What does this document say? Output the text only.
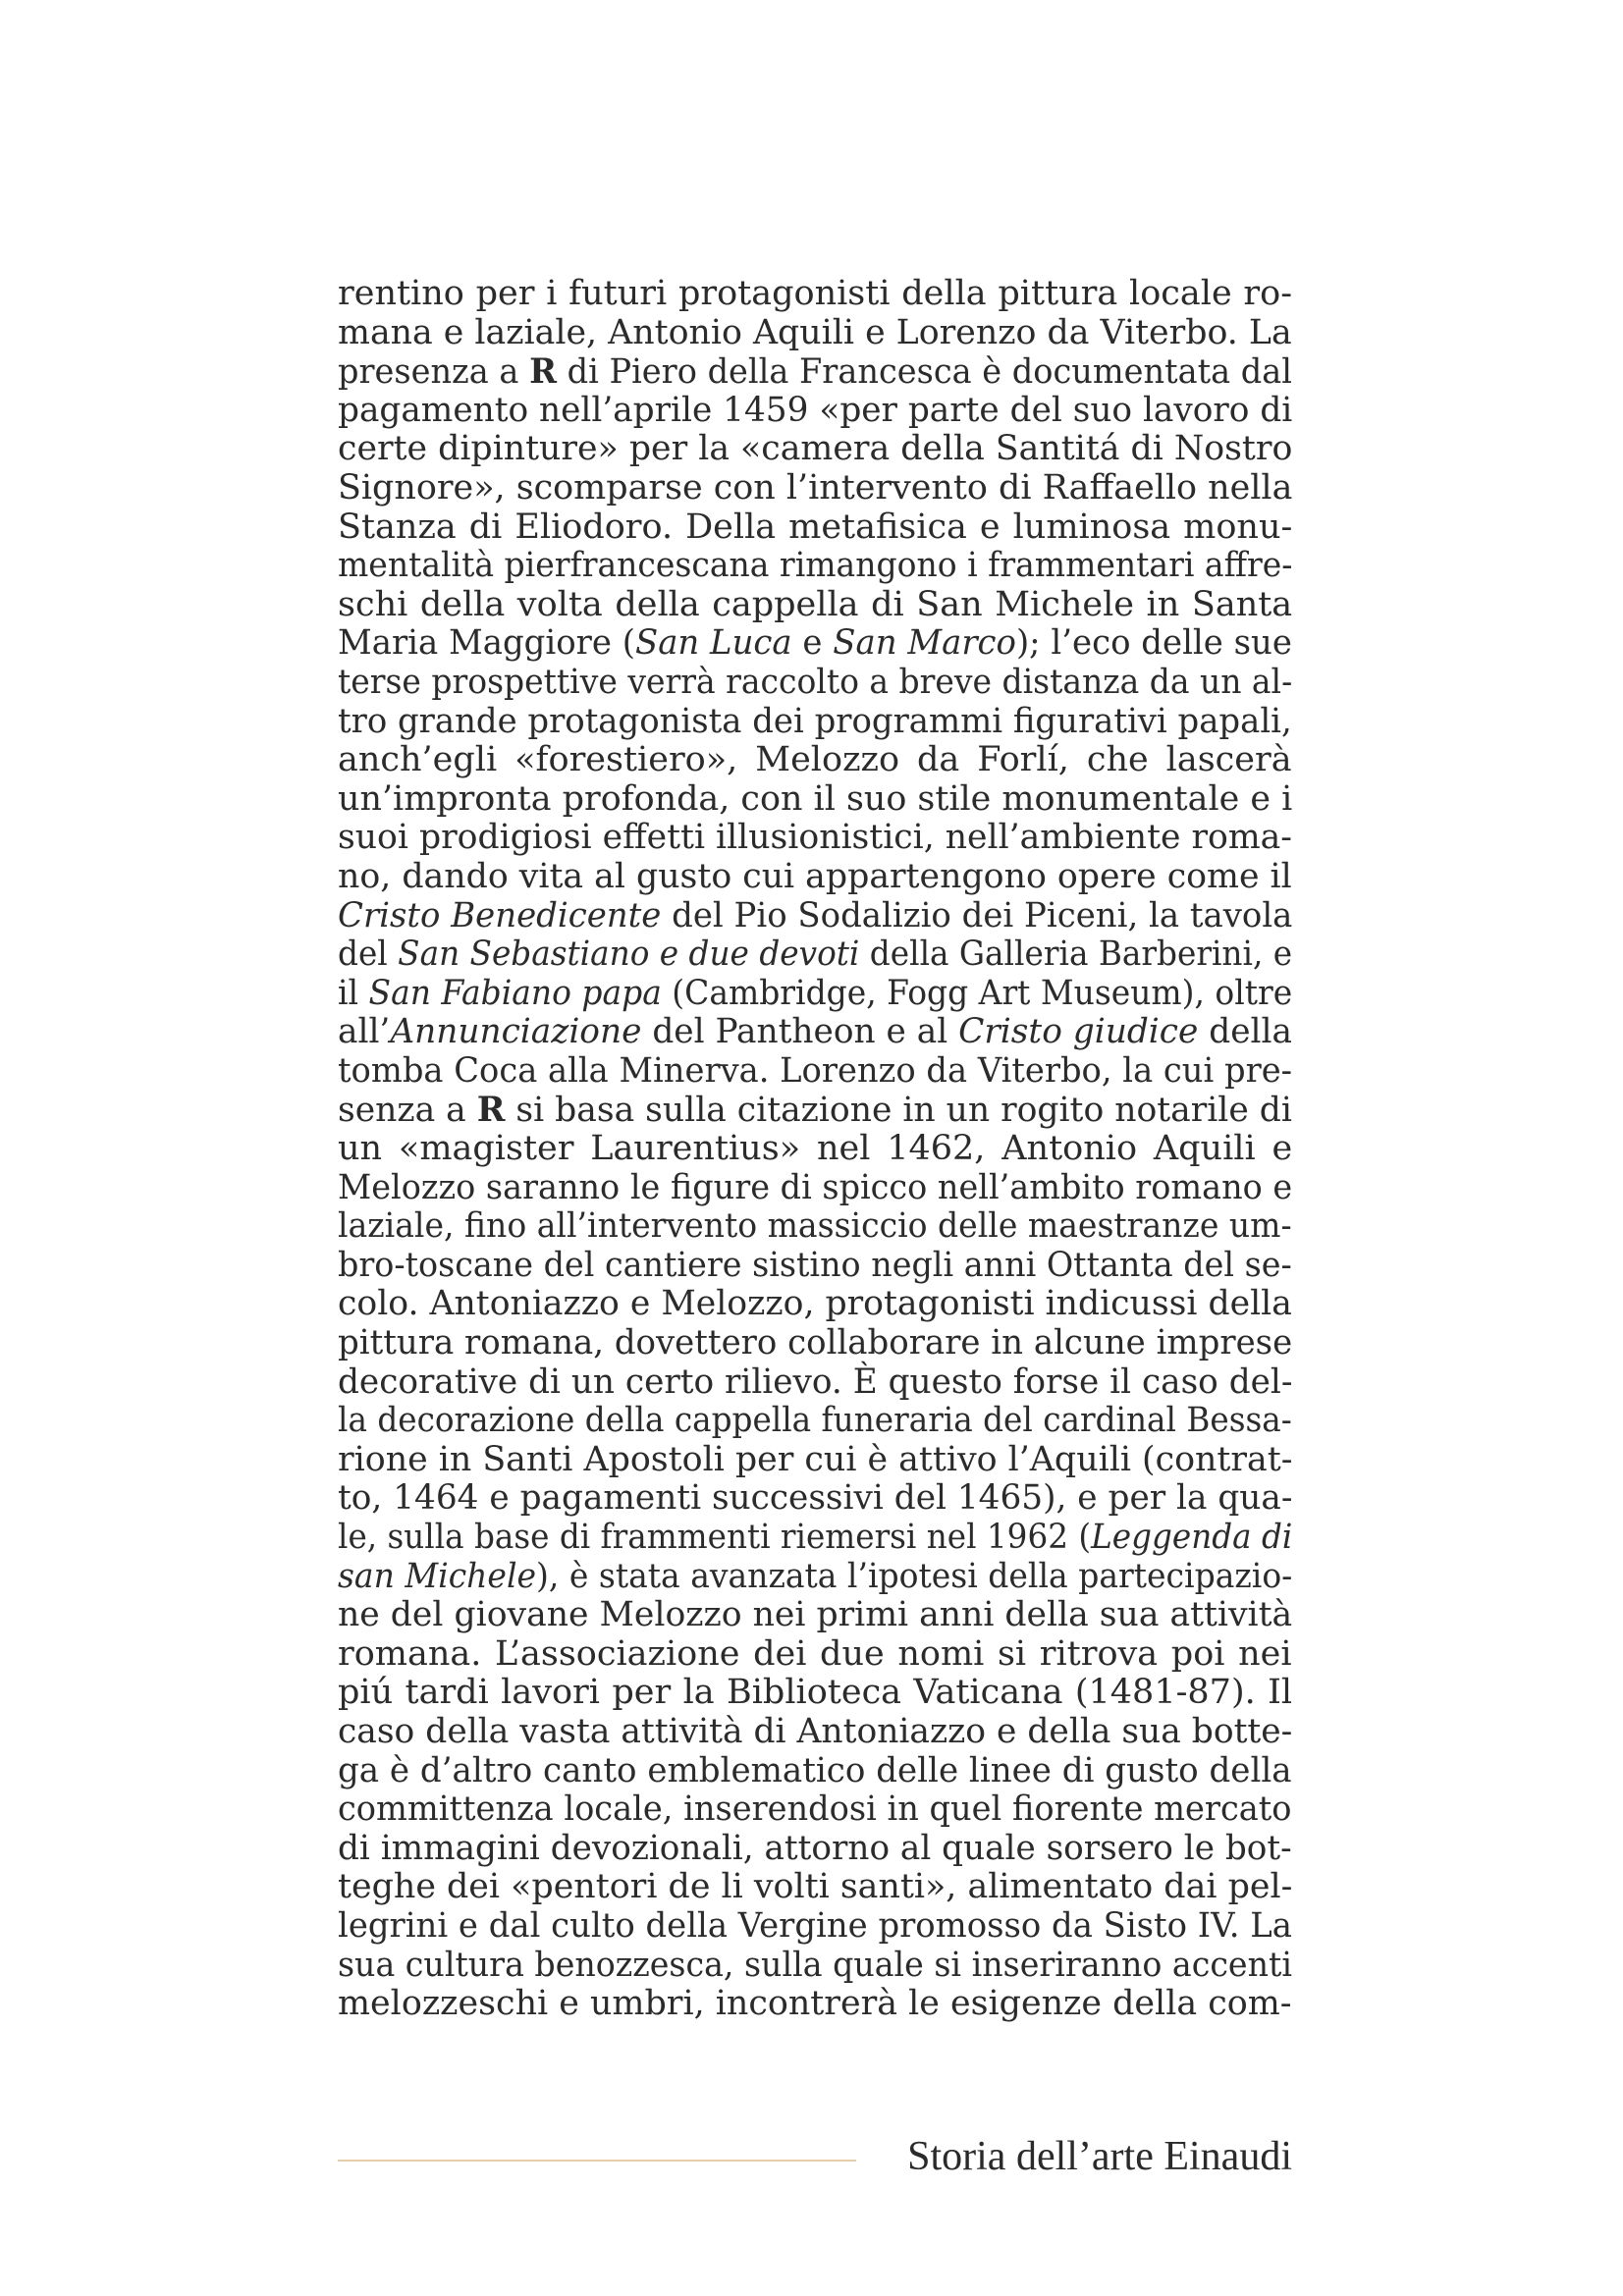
rentino per i futuri protagonisti della pittura locale ro-
mana e laziale, Antonio Aquili e Lorenzo da Viterbo. La
presenza a R di Piero della Francesca è documentata dal
pagamento nell’aprile 1459 «per parte del suo lavoro di
certe dipinture» per la «camera della Santitá di Nostro
Signore», scomparse con l’intervento di Raffaello nella
Stanza di Eliodoro. Della metafisica e luminosa monu-
mentalità pierfrancescana rimangono i frammentari affre-
schi della volta della cappella di San Michele in Santa
Maria Maggiore (San Luca e San Marco); l’eco delle sue
terse prospettive verrà raccolto a breve distanza da un al-
tro grande protagonista dei programmi figurativi papali,
anch’egli «forestiero», Melozzo da Forlí, che lascerà
un’impronta profonda, con il suo stile monumentale e i
suoi prodigiosi effetti illusionistici, nell’ambiente roma-
no, dando vita al gusto cui appartengono opere come il
Cristo Benedicente del Pio Sodalizio dei Piceni, la tavola
del San Sebastiano e due devoti della Galleria Barberini, e
il San Fabiano papa (Cambridge, Fogg Art Museum), oltre
all’Annunciazione del Pantheon e al Cristo giudice della
tomba Coca alla Minerva. Lorenzo da Viterbo, la cui pre-
senza a R si basa sulla citazione in un rogito notarile di
un «magister Laurentius» nel 1462, Antonio Aquili e
Melozzo saranno le figure di spicco nell’ambito romano e
laziale, fino all’intervento massiccio delle maestranze um-
bro-toscane del cantiere sistino negli anni Ottanta del se-
colo. Antoniazzo e Melozzo, protagonisti indicussi della
pittura romana, dovettero collaborare in alcune imprese
decorative di un certo rilievo. È questo forse il caso del-
la decorazione della cappella funeraria del cardinal Bessa-
rione in Santi Apostoli per cui è attivo l’Aquili (contrat-
to, 1464 e pagamenti successivi del 1465), e per la qua-
le, sulla base di frammenti riemersi nel 1962 (Leggenda di
san Michele), è stata avanzata l’ipotesi della partecipazio-
ne del giovane Melozzo nei primi anni della sua attività
romana. L’associazione dei due nomi si ritrova poi nei
piú tardi lavori per la Biblioteca Vaticana (1481-87). Il
caso della vasta attività di Antoniazzo e della sua botte-
ga è d’altro canto emblematico delle linee di gusto della
committenza locale, inserendosi in quel fiorente mercato
di immagini devozionali, attorno al quale sorsero le bot-
teghe dei «pentori de li volti santi», alimentato dai pel-
legrini e dal culto della Vergine promosso da Sisto IV. La
sua cultura benozzesca, sulla quale si inseriranno accenti
melozzeschi e umbri, incontrerà le esigenze della com-
Storia dell’arte Einaudi
